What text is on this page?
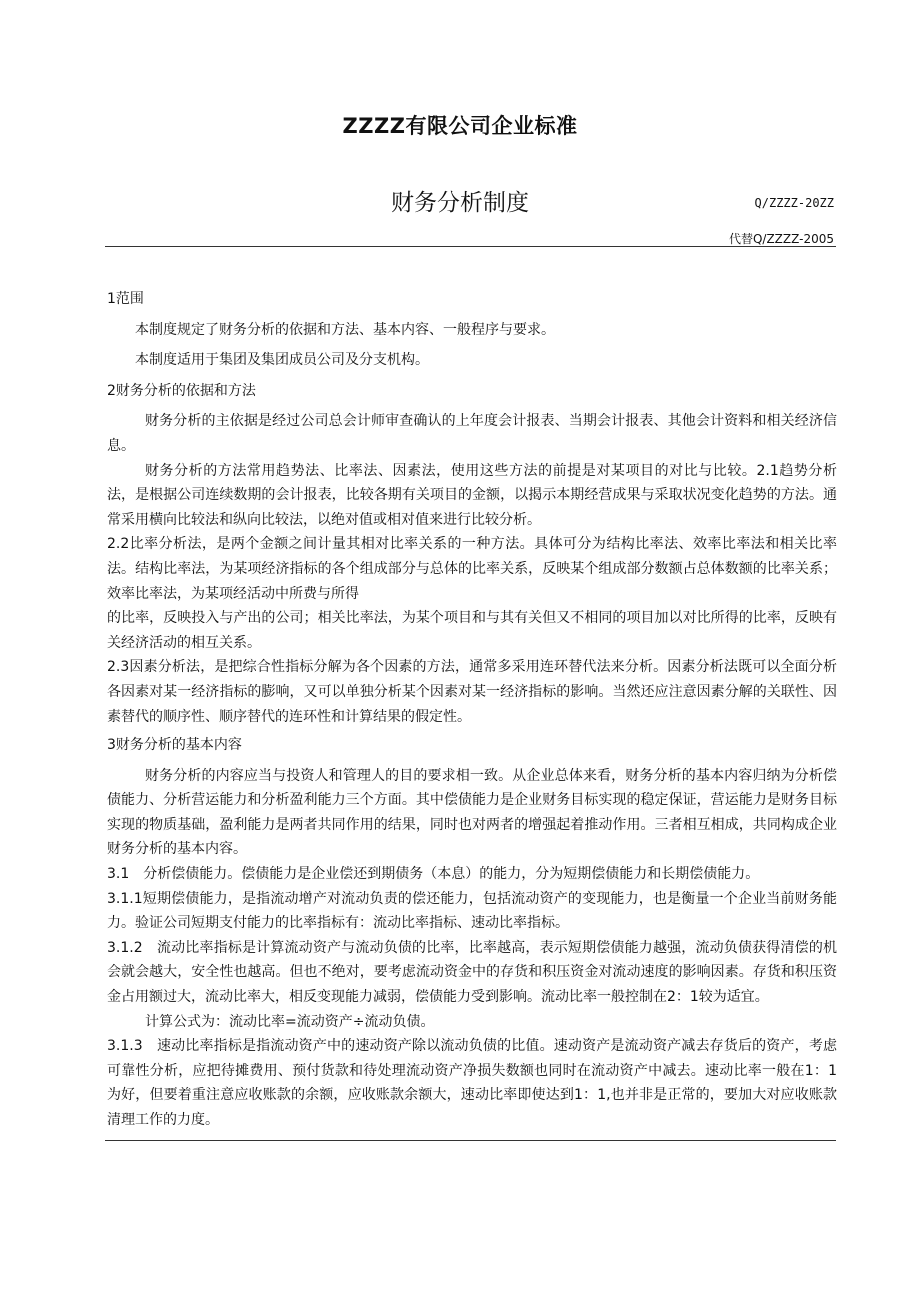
ZZZZ有限公司企业标准
财务分析制度	Q/ZZZZ-20ZZ
代替Q/ZZZZ-2005

1范围

本制度规定了财务分析的依据和方法、基本内容、一般程序与要求。

本制度适用于集团及集团成员公司及分支机构。

2财务分析的依据和方法

财务分析的主依据是经过公司总会计师审查确认的上年度会计报表、当期会计报表、其他会计资料和相关经济信息。

财务分析的方法常用趋势法、比率法、因素法，使用这些方法的前提是对某项目的对比与比较。2.1趋势分析法，是根据公司连续数期的会计报表，比较各期有关项目的金额，以揭示本期经营成果与采取状况变化趋势的方法。通常采用横向比较法和纵向比较法，以绝对值或相对值来进行比较分析。

2.2比率分析法，是两个金额之间计量其相对比率关系的一种方法。具体可分为结构比率法、效率比率法和相关比率法。结构比率法，为某项经济指标的各个组成部分与总体的比率关系，反映某个组成部分数额占总体数额的比率关系；效率比率法，为某项经活动中所费与所得

的比率，反映投入与产出的公司；相关比率法，为某个项目和与其有关但又不相同的项目加以对比所得的比率，反映有关经济活动的相互关系。

2.3因素分析法，是把综合性指标分解为各个因素的方法，通常多采用连环替代法来分析。因素分析法既可以全面分析各因素对某一经济指标的膨响，又可以单独分析某个因素对某一经济指标的影响。当然还应注意因素分解的关联性、因素替代的顺序性、顺序替代的连环性和计算结果的假定性。

3财务分析的基本内容

财务分析的内容应当与投资人和管理人的目的要求相一致。从企业总体来看，财务分析的基本内容归纳为分析偿债能力、分析营运能力和分析盈利能力三个方面。其中偿债能力是企业财务目标实现的稳定保证，营运能力是财务目标实现的物质基础，盈利能力是两者共同作用的结果，同时也对两者的增强起着推动作用。三者相互相成，共同构成企业财务分析的基本内容。

3.1　分析偿债能力。偿债能力是企业偿还到期债务（本息）的能力，分为短期偿债能力和长期偿债能力。

3.1.1短期偿债能力，是指流动增产对流动负责的偿还能力，包括流动资产的变现能力，也是衡量一个企业当前财务能力。验证公司短期支付能力的比率指标有：流动比率指标、速动比率指标。

3.1.2　流动比率指标是计算流动资产与流动负债的比率，比率越高，表示短期偿债能力越强，流动负债获得清偿的机会就会越大，安全性也越高。但也不绝对，要考虑流动资金中的存货和积压资金对流动速度的影响因素。存货和积压资金占用额过大，流动比率大，相反变现能力减弱，偿债能力受到影响。流动比率一般控制在2：1较为适宜。

计算公式为：流动比率=流动资产÷流动负债。

3.1.3　速动比率指标是指流动资产中的速动资产除以流动负债的比值。速动资产是流动资产减去存货后的资产，考虑可靠性分析，应把待摊费用、预付货款和待处理流动资产净损失数额也同时在流动资产中减去。速动比率一般在1：1为好，但要着重注意应收账款的余额，应收账款余额大，速动比率即使达到1：1,也并非是正常的，要加大对应收账款清理工作的力度。
